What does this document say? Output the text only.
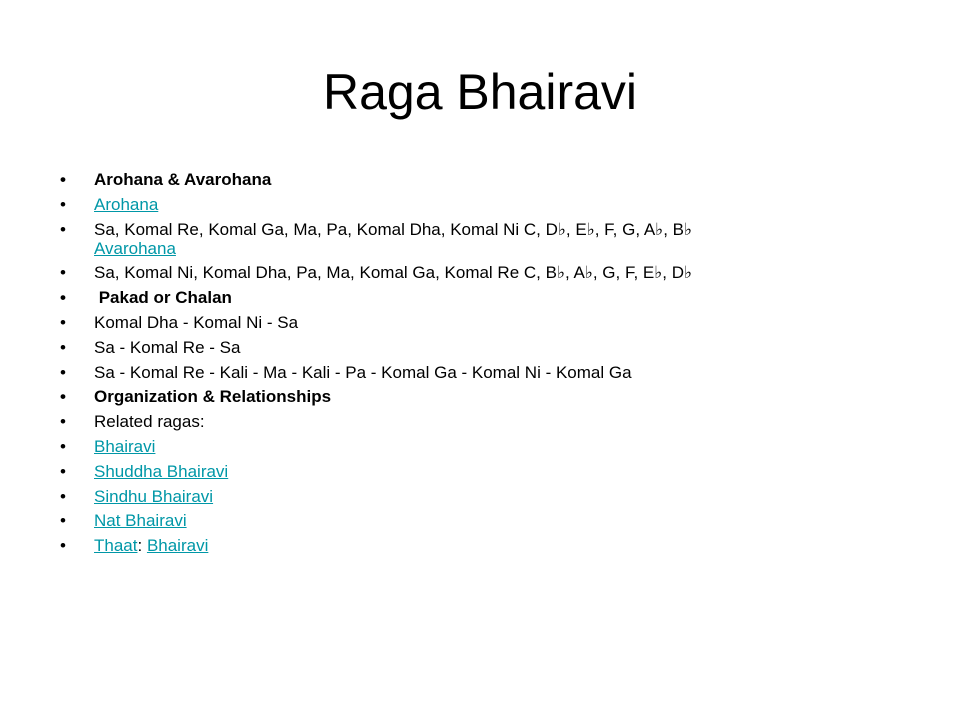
Raga Bhairavi
• Arohana & Avarohana
• Arohana
• Sa, Komal Re, Komal Ga, Ma, Pa, Komal Dha, Komal Ni C, D♭, E♭, F, G, A♭, B♭
Avarohana
• Sa, Komal Ni, Komal Dha, Pa, Ma, Komal Ga, Komal Re C, B♭, A♭, G, F, E♭, D♭
• Pakad or Chalan
• Komal Dha - Komal Ni - Sa
• Sa - Komal Re - Sa
• Sa - Komal Re - Kali - Ma - Kali - Pa - Komal Ga - Komal Ni - Komal Ga
• Organization & Relationships
• Related ragas:
• Bhairavi
• Shuddha Bhairavi
• Sindhu Bhairavi
• Nat Bhairavi
• Thaat: Bhairavi
